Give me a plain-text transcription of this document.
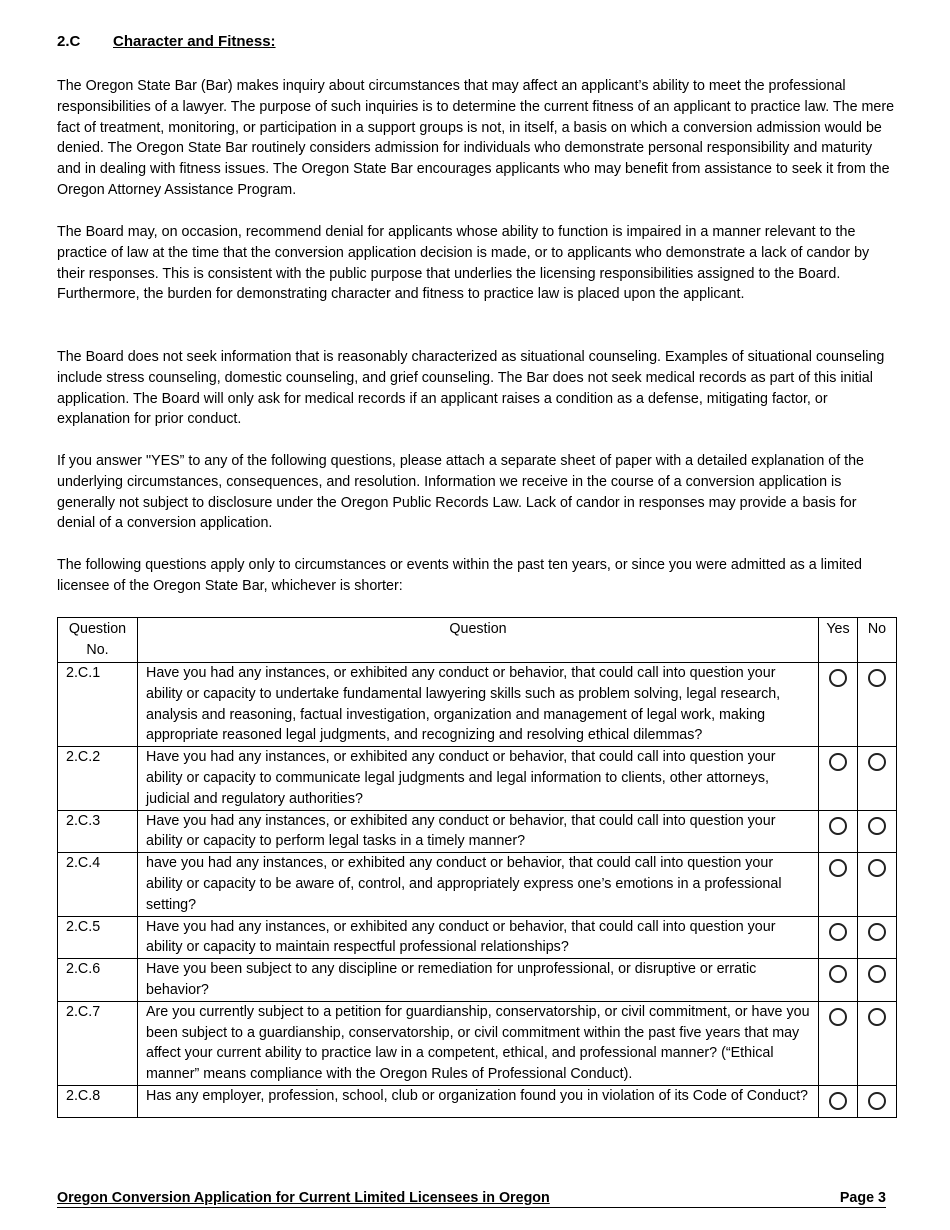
2.C Character and Fitness:

The Oregon State Bar (Bar) makes inquiry about circumstances that may affect an applicant’s ability to meet the professional responsibilities of a lawyer. The purpose of such inquiries is to determine the current fitness of an applicant to practice law. The mere fact of treatment, monitoring, or participation in a support groups is not, in itself, a basis on which a conversion admission would be denied. The Oregon State Bar routinely considers admission for individuals who demonstrate personal responsibility and maturity and in dealing with fitness issues. The Oregon State Bar encourages applicants who may benefit from assistance to seek it from the Oregon Attorney Assistance Program.

The Board may, on occasion, recommend denial for applicants whose ability to function is impaired in a manner relevant to the practice of law at the time that the conversion application decision is made, or to applicants who demonstrate a lack of candor by their responses. This is consistent with the public purpose that underlies the licensing responsibilities assigned to the Board. Furthermore, the burden for demonstrating character and fitness to practice law is placed upon the applicant.

The Board does not seek information that is reasonably characterized as situational counseling. Examples of situational counseling include stress counseling, domestic counseling, and grief counseling. The Bar does not seek medical records as part of this initial application. The Board will only ask for medical records if an applicant raises a condition as a defense, mitigating factor, or explanation for prior conduct.

If you answer "YES” to any of the following questions, please attach a separate sheet of paper with a detailed explanation of the underlying circumstances, consequences, and resolution. Information we receive in the course of a conversion application is generally not subject to disclosure under the Oregon Public Records Law. Lack of candor in responses may provide a basis for denial of a conversion application.

The following questions apply only to circumstances or events within the past ten years, or since you were admitted as a limited licensee of the Oregon State Bar, whichever is shorter:

Question No.	Question	Yes	No
2.C.1	Have you had any instances, or exhibited any conduct or behavior, that could call into question your ability or capacity to undertake fundamental lawyering skills such as problem solving, legal research, analysis and reasoning, factual investigation, organization and management of legal work, making appropriate reasoned legal judgments, and recognizing and resolving ethical dilemmas?		
2.C.2	Have you had any instances, or exhibited any conduct or behavior, that could call into question your ability or capacity to communicate legal judgments and legal information to clients, other attorneys, judicial and regulatory authorities?		
2.C.3	Have you had any instances, or exhibited any conduct or behavior, that could call into question your ability or capacity to perform legal tasks in a timely manner?		
2.C.4	have you had any instances, or exhibited any conduct or behavior, that could call into question your ability or capacity to be aware of, control, and appropriately express one’s emotions in a professional setting?		
2.C.5	Have you had any instances, or exhibited any conduct or behavior, that could call into question your ability or capacity to maintain respectful professional relationships?		
2.C.6	Have you been subject to any discipline or remediation for unprofessional, or disruptive or erratic behavior?		
2.C.7	Are you currently subject to a petition for guardianship, conservatorship, or civil commitment, or have you been subject to a guardianship, conservatorship, or civil commitment within the past five years that may affect your current ability to practice law in a competent, ethical, and professional manner? (“Ethical manner” means compliance with the Oregon Rules of Professional Conduct).		
2.C.8	Has any employer, profession, school, club or organization found you in violation of its Code of Conduct?		
Oregon Conversion Application for Current Limited Licensees in Oregon	Page 3
